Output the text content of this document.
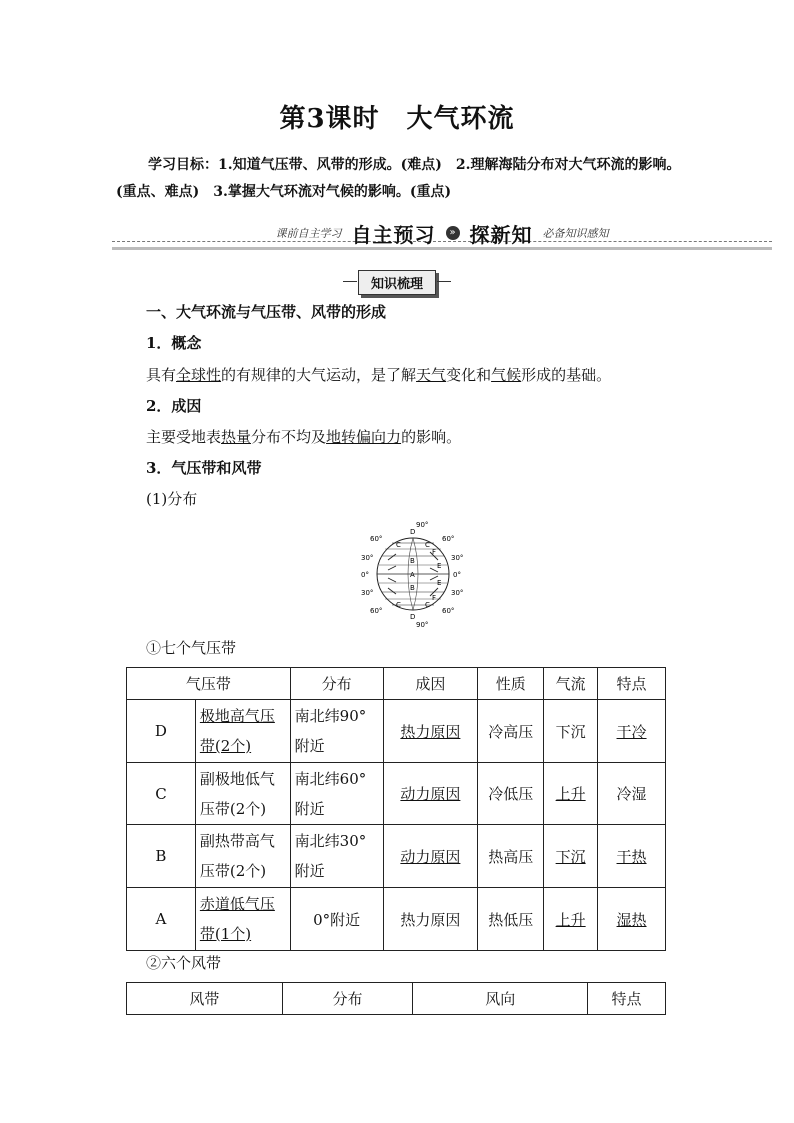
第3课时　大气环流
学习目标：1.知道气压带、风带的形成。(难点)　2.理解海陆分布对大气环流的影响。(重点、难点)　3.掌握大气环流对气候的影响。(重点)
课前自主学习 自主预习	» 探新知 必备知识感知
知识梳理
一、大气环流与气压带、风带的形成
1．概念
具有全球性的有规律的大气运动，是了解天气变化和气候形成的基础。
2．成因
主要受地表热量分布不均及地转偏向力的影响。
3．气压带和风带
(1)分布
90°
90°
60°	60°
30°	30°
0°	0°
30°	30°
60°	60°
D
C	C
B
A
B
C	C
D
F
E
E
F
①七个气压带
气压带		分布	成因	性质	气流	特点
D	极地高气压带(2个)	南北纬90°附近	热力原因	冷高压	下沉	干冷
C	副极地低气压带(2个)	南北纬60°附近	动力原因	冷低压	上升	冷湿
B	副热带高气压带(2个)	南北纬30°附近	动力原因	热高压	下沉	干热
A	赤道低气压带(1个)	0°附近	热力原因	热低压	上升	湿热
②六个风带
风带	分布	风向	特点
